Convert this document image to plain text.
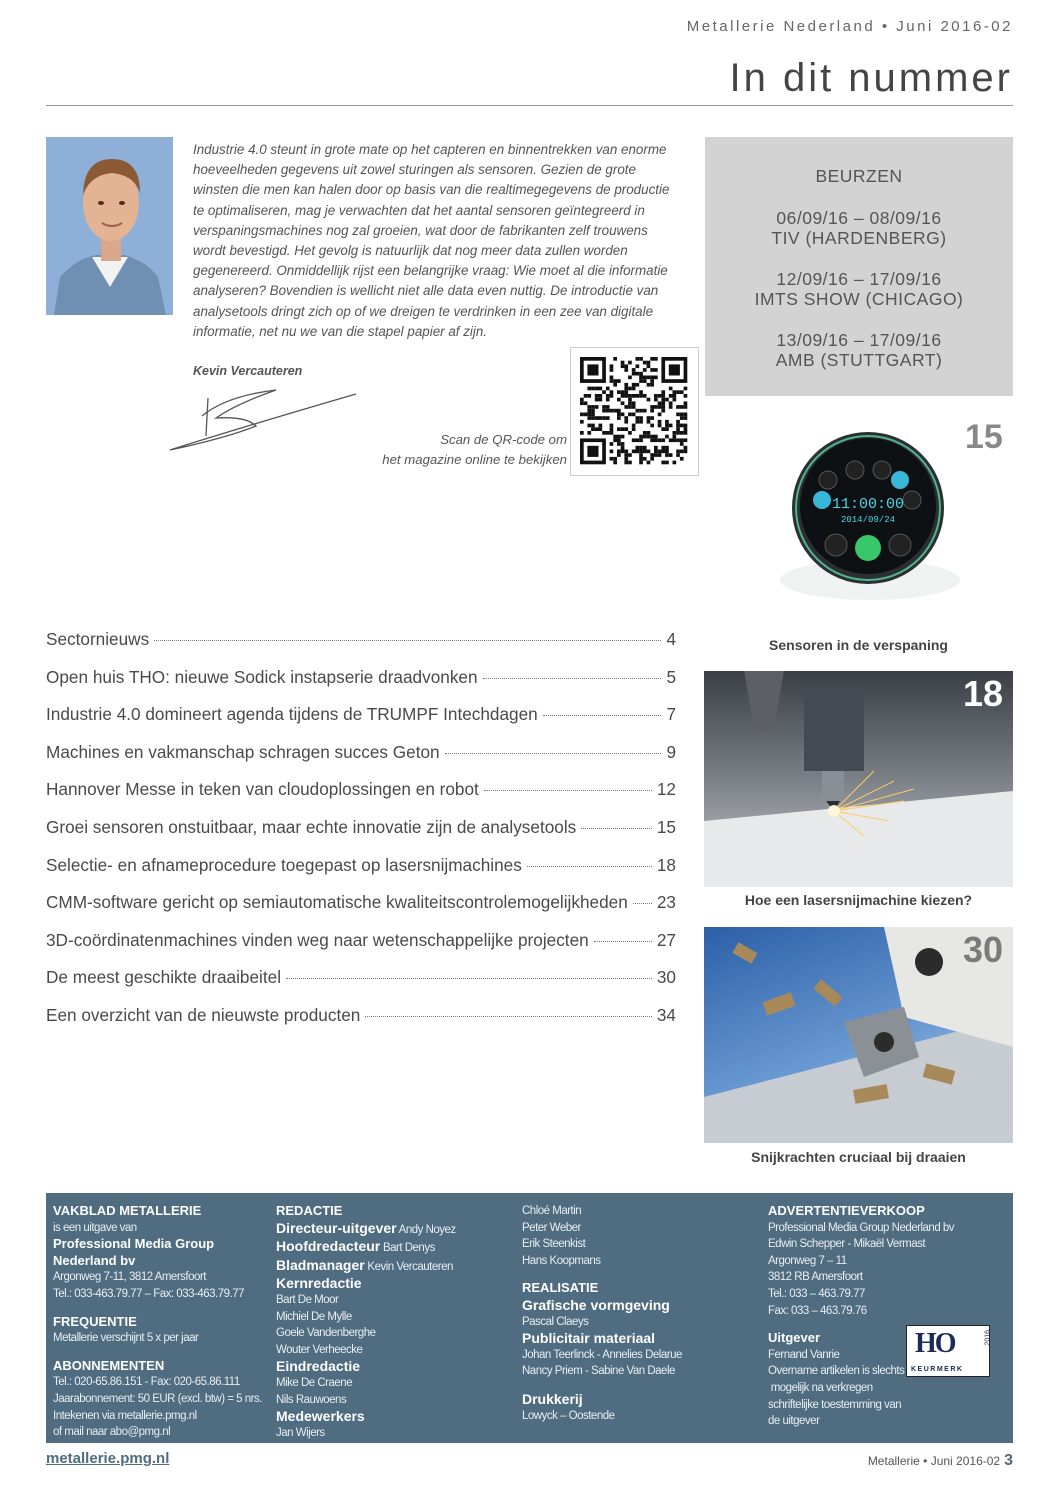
Metallerie Nederland • Juni 2016-02
In dit nummer
Industrie 4.0 steunt in grote mate op het capteren en binnentrekken van enorme hoeveelheden gegevens uit zowel sturingen als sensoren. Gezien de grote winsten die men kan halen door op basis van die realtimegegevens de productie te optimaliseren, mag je verwachten dat het aantal sensoren geïntegreerd in verspaningsmachines nog zal groeien, wat door de fabrikanten zelf trouwens wordt bevestigd. Het gevolg is natuurlijk dat nog meer data zullen worden gegenereerd. Onmiddellijk rijst een belangrijke vraag: Wie moet al die informatie analyseren? Bovendien is wellicht niet alle data even nuttig. De introductie van analysetools dringt zich op of we dreigen te verdrinken in een zee van digitale informatie, net nu we van die stapel papier af zijn.
Kevin Vercauteren
Scan de QR-code om
het magazine online te bekijken
BEURZEN
06/09/16 – 08/09/16
TIV (HARDENBERG)
12/09/16 – 17/09/16
IMTS SHOW (CHICAGO)
13/09/16 – 17/09/16
AMB (STUTTGART)
15
11:00:00
2014/09/24
Sensoren in de verspaning
18
Hoe een lasersnijmachine kiezen?
30
Snijkrachten cruciaal bij draaien
Sectornieuws	4
Open huis THO: nieuwe Sodick instapserie draadvonken	5
Industrie 4.0 domineert agenda tijdens de TRUMPF Intechdagen	7
Machines en vakmanschap schragen succes Geton	9
Hannover Messe in teken van cloudoplossingen en robot	12
Groei sensoren onstuitbaar, maar echte innovatie zijn de analysetools	15
Selectie- en afnameprocedure toegepast op lasersnijmachines	18
CMM-software gericht op semiautomatische kwaliteitscontrolemogelijkheden 23
3D-coördinatenmachines vinden weg naar wetenschappelijke projecten	27
De meest geschikte draaibeitel	30
Een overzicht van de nieuwste producten	34
VAKBLAD METALLERIE
is een uitgave van
Professional Media Group Nederland bv
Argonweg 7-11, 3812 Amersfoort
Tel.: 033-463.79.77 – Fax: 033-463.79.77
FREQUENTIE
Metallerie verschijnt 5 x per jaar
ABONNEMENTEN
Tel.: 020-65.86.151 - Fax: 020-65.86.111
Jaarabonnement: 50 EUR (excl. btw) = 5 nrs.
Intekenen via metallerie.pmg.nl
of mail naar abo@pmg.nl
REDACTIE
Directeur-uitgever Andy Noyez
Hoofdredacteur Bart Denys
Bladmanager Kevin Vercauteren
Kernredactie
Bart De Moor
Michiel De Mylle
Goele Vandenberghe
Wouter Verheecke
Eindredactie
Mike De Craene
Nils Rauwoens
Medewerkers
Jan Wijers
Chloé Martin
Peter Weber
Erik Steenkist
Hans Koopmans
REALISATIE
Grafische vormgeving
Pascal Claeys
Publicitair materiaal
Johan Teerlinck - Annelies Delarue
Nancy Priem - Sabine Van Daele
Drukkerij
Lowyck – Oostende
ADVERTENTIEVERKOOP
Professional Media Group Nederland bv
Edwin Schepper - Mikaël Vermast
Argonweg 7 – 11
3812 RB Amersfoort
Tel.: 033 – 463.79.77
Fax: 033 – 463.79.76
Uitgever
Fernand Vanrie
Overname artikelen is slechts
mogelijk na verkregen
schriftelijke toestemming van
de uitgever
HO	2016
KEURMERK
metallerie.pmg.nl	Metallerie • Juni 2016-02 3
